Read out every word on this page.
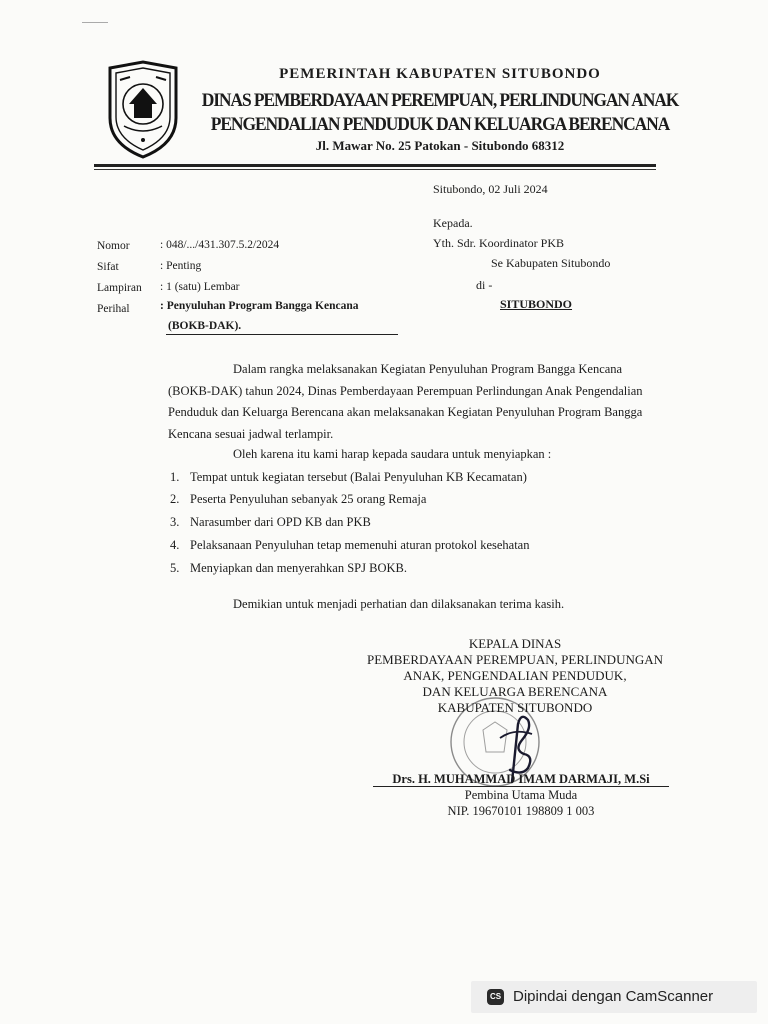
PEMERINTAH KABUPATEN SITUBONDO
DINAS PEMBERDAYAAN PEREMPUAN, PERLINDUNGAN ANAK
PENGENDALIAN PENDUDUK DAN KELUARGA BERENCANA
Jl. Mawar No. 25 Patokan - Situbondo 68312
Situbondo, 02 Juli 2024
Kepada.
Yth. Sdr. Koordinator PKB
Se Kabupaten Situbondo
di -
SITUBONDO
Nomor	: 048/.../431.307.5.2/2024
Sifat	: Penting
Lampiran : 1 (satu) Lembar
Perihal	: Penyuluhan Program Bangga Kencana
(BOKB-DAK).
Dalam rangka melaksanakan Kegiatan Penyuluhan Program Bangga Kencana (BOKB-DAK) tahun 2024, Dinas Pemberdayaan Perempuan Perlindungan Anak Pengendalian Penduduk dan Keluarga Berencana akan melaksanakan Kegiatan Penyuluhan Program Bangga Kencana sesuai jadwal terlampir.
Oleh karena itu kami harap kepada saudara untuk menyiapkan :
1. Tempat untuk kegiatan tersebut (Balai Penyuluhan KB Kecamatan)
2. Peserta Penyuluhan sebanyak 25 orang Remaja
3. Narasumber dari OPD KB dan PKB
4. Pelaksanaan Penyuluhan tetap memenuhi aturan protokol kesehatan
5. Menyiapkan dan menyerahkan SPJ BOKB.
Demikian untuk menjadi perhatian dan dilaksanakan terima kasih.
KEPALA DINAS
PEMBERDAYAAN PEREMPUAN, PERLINDUNGAN
ANAK, PENGENDALIAN PENDUDUK,
DAN KELUARGA BERENCANA
KABUPATEN SITUBONDO
Drs. H. MUHAMMAD IMAM DARMAJI, M.Si
Pembina Utama Muda
NIP. 19670101 198809 1 003
CS Dipindai dengan CamScanner
